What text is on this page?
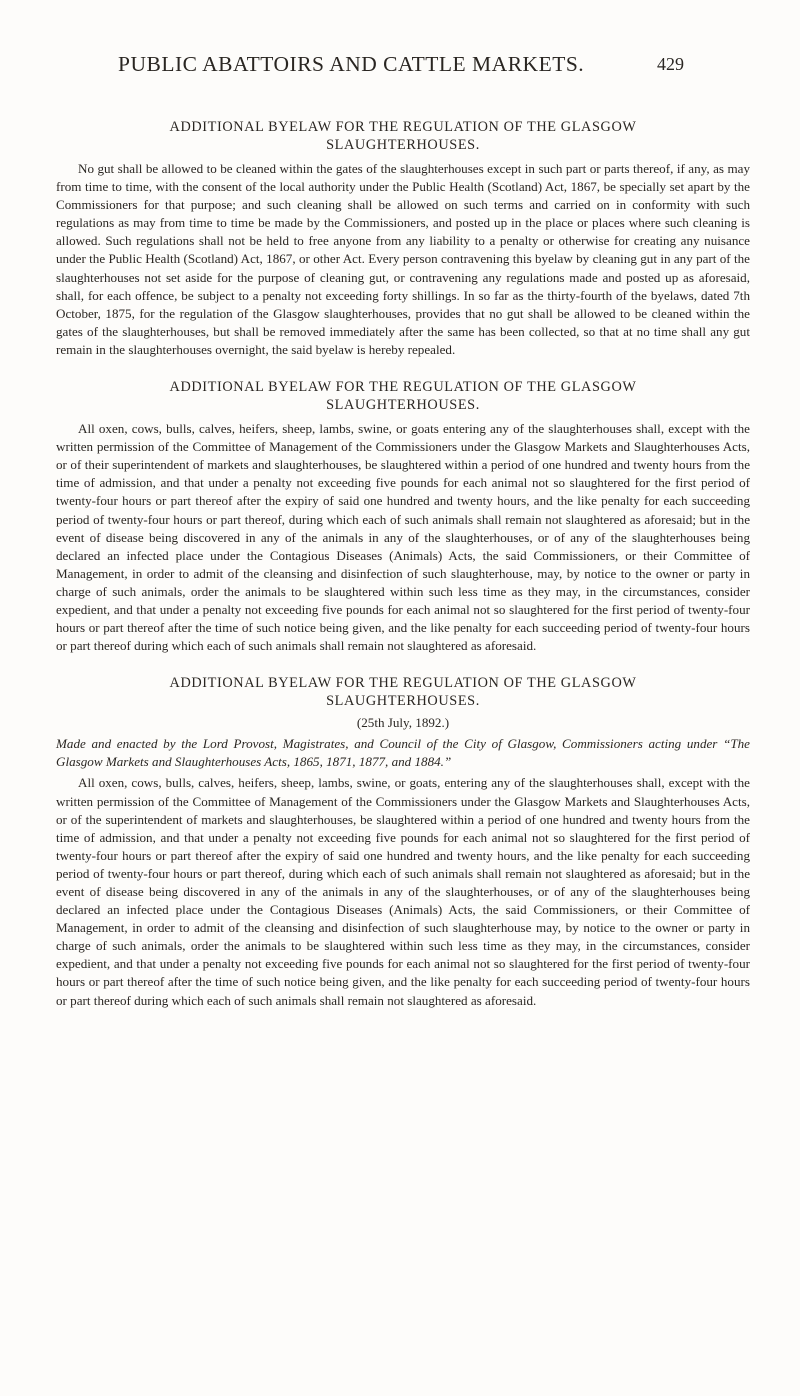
PUBLIC ABATTOIRS AND CATTLE MARKETS.	429
ADDITIONAL BYELAW FOR THE REGULATION OF THE GLASGOW
SLAUGHTERHOUSES.

No gut shall be allowed to be cleaned within the gates of the slaughterhouses except in such part or parts thereof, if any, as may from time to time, with the consent of the local authority under the Public Health (Scotland) Act, 1867, be specially set apart by the Commissioners for that purpose; and such cleaning shall be allowed on such terms and carried on in conformity with such regulations as may from time to time be made by the Commissioners, and posted up in the place or places where such cleaning is allowed. Such regulations shall not be held to free anyone from any liability to a penalty or otherwise for creating any nuisance under the Public Health (Scotland) Act, 1867, or other Act. Every person contravening this byelaw by cleaning gut in any part of the slaughterhouses not set aside for the purpose of cleaning gut, or contravening any regulations made and posted up as aforesaid, shall, for each offence, be subject to a penalty not exceeding forty shillings. In so far as the thirty-fourth of the byelaws, dated 7th October, 1875, for the regulation of the Glasgow slaughterhouses, provides that no gut shall be allowed to be cleaned within the gates of the slaughterhouses, but shall be removed immediately after the same has been collected, so that at no time shall any gut remain in the slaughterhouses overnight, the said byelaw is hereby repealed.

ADDITIONAL BYELAW FOR THE REGULATION OF THE GLASGOW
SLAUGHTERHOUSES.

All oxen, cows, bulls, calves, heifers, sheep, lambs, swine, or goats entering any of the slaughterhouses shall, except with the written permission of the Committee of Management of the Commissioners under the Glasgow Markets and Slaughterhouses Acts, or of their superintendent of markets and slaughterhouses, be slaughtered within a period of one hundred and twenty hours from the time of admission, and that under a penalty not exceeding five pounds for each animal not so slaughtered for the first period of twenty-four hours or part thereof after the expiry of said one hundred and twenty hours, and the like penalty for each succeeding period of twenty-four hours or part thereof, during which each of such animals shall remain not slaughtered as aforesaid; but in the event of disease being discovered in any of the animals in any of the slaughterhouses, or of any of the slaughterhouses being declared an infected place under the Contagious Diseases (Animals) Acts, the said Commissioners, or their Committee of Management, in order to admit of the cleansing and disinfection of such slaughterhouse, may, by notice to the owner or party in charge of such animals, order the animals to be slaughtered within such less time as they may, in the circumstances, consider expedient, and that under a penalty not exceeding five pounds for each animal not so slaughtered for the first period of twenty-four hours or part thereof after the time of such notice being given, and the like penalty for each succeeding period of twenty-four hours or part thereof during which each of such animals shall remain not slaughtered as aforesaid.

ADDITIONAL BYELAW FOR THE REGULATION OF THE GLASGOW
SLAUGHTERHOUSES.
(25th July, 1892.)

Made and enacted by the Lord Provost, Magistrates, and Council of the City of Glasgow, Commissioners acting under “The Glasgow Markets and Slaughterhouses Acts, 1865, 1871, 1877, and 1884.”

All oxen, cows, bulls, calves, heifers, sheep, lambs, swine, or goats, entering any of the slaughterhouses shall, except with the written permission of the Committee of Management of the Commissioners under the Glasgow Markets and Slaughterhouses Acts, or of the superintendent of markets and slaughterhouses, be slaughtered within a period of one hundred and twenty hours from the time of admission, and that under a penalty not exceeding five pounds for each animal not so slaughtered for the first period of twenty-four hours or part thereof after the expiry of said one hundred and twenty hours, and the like penalty for each succeeding period of twenty-four hours or part thereof, during which each of such animals shall remain not slaughtered as aforesaid; but in the event of disease being discovered in any of the animals in any of the slaughterhouses, or of any of the slaughterhouses being declared an infected place under the Contagious Diseases (Animals) Acts, the said Commissioners, or their Committee of Management, in order to admit of the cleansing and disinfection of such slaughterhouse may, by notice to the owner or party in charge of such animals, order the animals to be slaughtered within such less time as they may, in the circumstances, consider expedient, and that under a penalty not exceeding five pounds for each animal not so slaughtered for the first period of twenty-four hours or part thereof after the time of such notice being given, and the like penalty for each succeeding period of twenty-four hours or part thereof during which each of such animals shall remain not slaughtered as aforesaid.
